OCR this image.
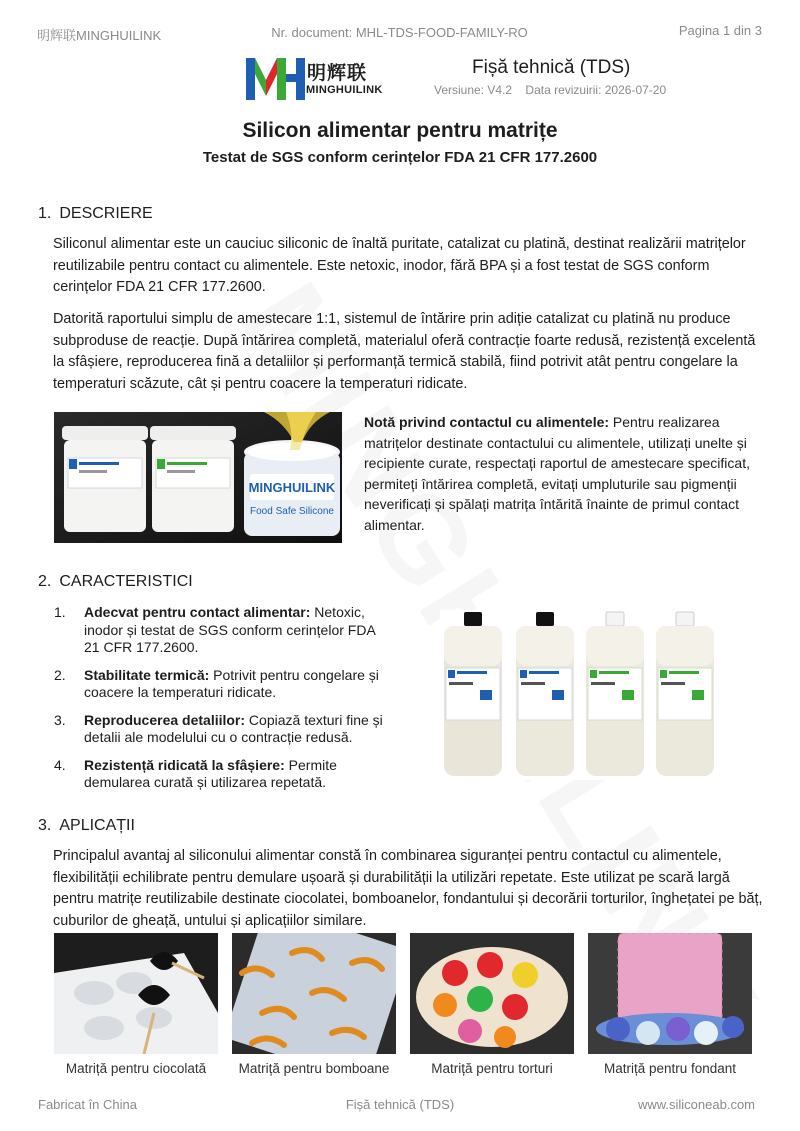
明辉联MINGHUILINK	Nr. document: MHL-TDS-FOOD-FAMILY-RO	Pagina 1 din 3
明辉联
MINGHUILINK
Fișă tehnică (TDS)
Versiune: V4.2 Data revizuirii: 2026-07-20
Silicon alimentar pentru matrițe
Testat de SGS conform cerințelor FDA 21 CFR 177.2600
1. DESCRIERE

Siliconul alimentar este un cauciuc siliconic de înaltă puritate, catalizat cu platină, destinat realizării matrițelor reutilizabile pentru contact cu alimentele. Este netoxic, inodor, fără BPA și a fost testat de SGS conform cerințelor FDA 21 CFR 177.2600.

Datorită raportului simplu de amestecare 1:1, sistemul de întărire prin adiție catalizat cu platină nu produce subproduse de reacție. După întărirea completă, materialul oferă contracție foarte redusă, rezistență excelentă la sfâșiere, reproducerea fină a detaliilor și performanță termică stabilă, fiind potrivit atât pentru congelare la temperaturi scăzute, cât și pentru coacere la temperaturi ridicate.

MINGHUILINK
Food Safe Silicone
Notă privind contactul cu alimentele: Pentru realizarea matrițelor destinate contactului cu alimentele, utilizați unelte și recipiente curate, respectați raportul de amestecare specificat, permiteți întărirea completă, evitați umpluturile sau pigmenții neverificați și spălați matrița întărită înainte de primul contact alimentar.
2. CARACTERISTICI
1. Adecvat pentru contact alimentar: Netoxic, inodor și testat de SGS conform cerințelor FDA 21 CFR 177.2600.
2. Stabilitate termică: Potrivit pentru congelare și coacere la temperaturi ridicate.
3. Reproducerea detaliilor: Copiază texturi fine și detalii ale modelului cu o contracție redusă.
4. Rezistență ridicată la sfâșiere: Permite demularea curată și utilizarea repetată.
3. APLICAȚII

Principalul avantaj al siliconului alimentar constă în combinarea siguranței pentru contactul cu alimentele, flexibilității echilibrate pentru demulare ușoară și durabilității la utilizări repetate. Este utilizat pe scară largă pentru matrițe reutilizabile destinate ciocolatei, bomboanelor, fondantului și decorării torturilor, înghețatei pe băț, cuburilor de gheață, untului și aplicațiilor similare.

Matriță pentru ciocolată	Matriță pentru bomboane	Matriță pentru torturi	Matriță pentru fondant
Fabricat în China	Fișă tehnică (TDS)	www.siliconeab.com
